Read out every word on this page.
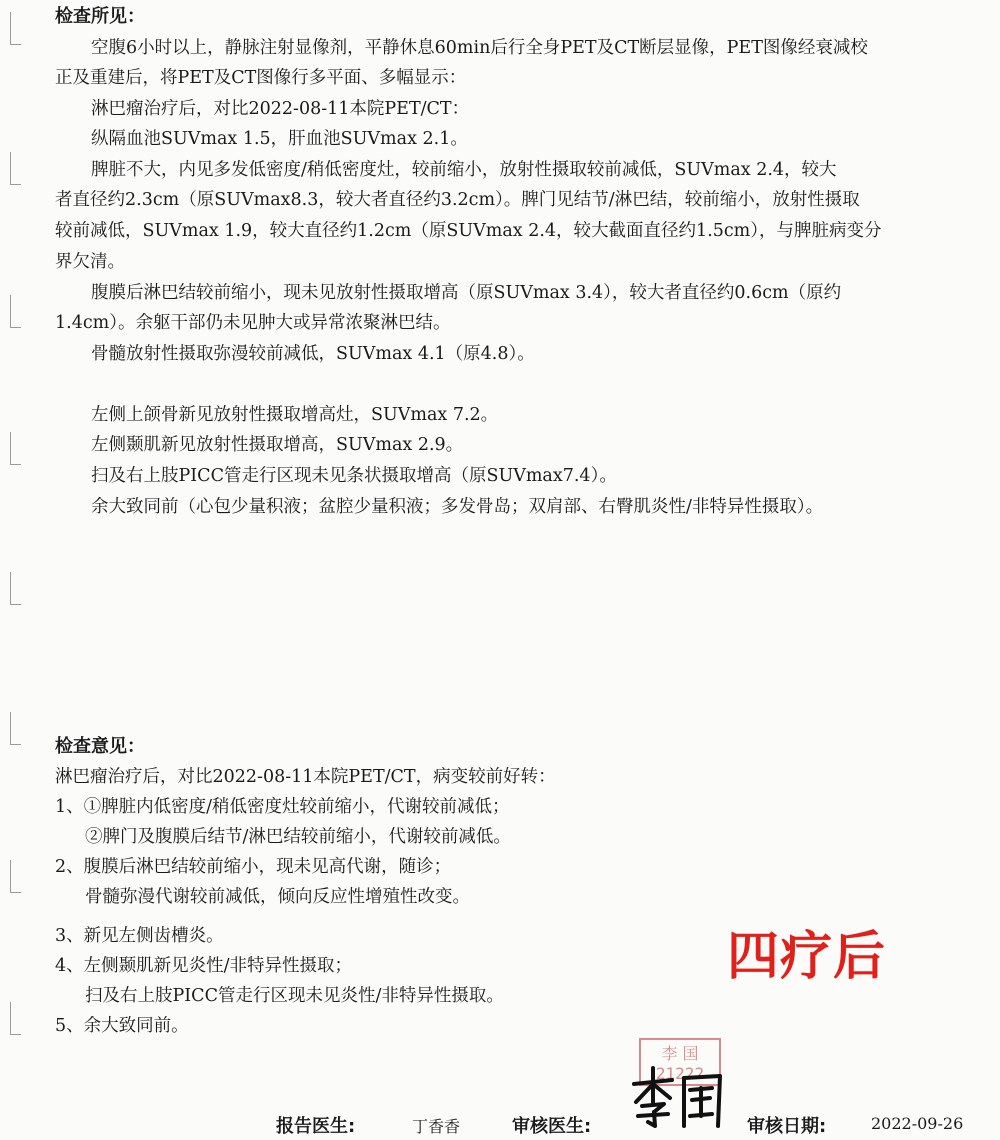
检查所见：
空腹6小时以上，静脉注射显像剂，平静休息60min后行全身PET及CT断层显像，PET图像经衰减校
正及重建后，将PET及CT图像行多平面、多幅显示：
淋巴瘤治疗后，对比2022-08-11本院PET/CT：
纵隔血池SUVmax 1.5，肝血池SUVmax 2.1。
脾脏不大，内见多发低密度/稍低密度灶，较前缩小，放射性摄取较前减低，SUVmax 2.4，较大
者直径约2.3cm（原SUVmax8.3，较大者直径约3.2cm）。脾门见结节/淋巴结，较前缩小，放射性摄取
较前减低，SUVmax 1.9，较大直径约1.2cm（原SUVmax 2.4，较大截面直径约1.5cm），与脾脏病变分
界欠清。
腹膜后淋巴结较前缩小，现未见放射性摄取增高（原SUVmax 3.4），较大者直径约0.6cm（原约
1.4cm）。余躯干部仍未见肿大或异常浓聚淋巴结。
骨髓放射性摄取弥漫较前减低，SUVmax 4.1（原4.8）。
左侧上颌骨新见放射性摄取增高灶，SUVmax 7.2。
左侧颞肌新见放射性摄取增高，SUVmax 2.9。
扫及右上肢PICC管走行区现未见条状摄取增高（原SUVmax7.4）。
余大致同前（心包少量积液；盆腔少量积液；多发骨岛；双肩部、右臀肌炎性/非特异性摄取）。
检查意见：
淋巴瘤治疗后，对比2022-08-11本院PET/CT，病变较前好转：
1、①脾脏内低密度/稍低密度灶较前缩小，代谢较前减低；
②脾门及腹膜后结节/淋巴结较前缩小，代谢较前减低。
2、腹膜后淋巴结较前缩小，现未见高代谢，随诊；
骨髓弥漫代谢较前减低，倾向反应性增殖性改变。
3、新见左侧齿槽炎。
4、左侧颞肌新见炎性/非特异性摄取；
扫及右上肢PICC管走行区现未见炎性/非特异性摄取。
5、余大致同前。
四疗后
李 国
21222
报告医生:	丁香香	审核医生:	审核日期:	2022-09-26
